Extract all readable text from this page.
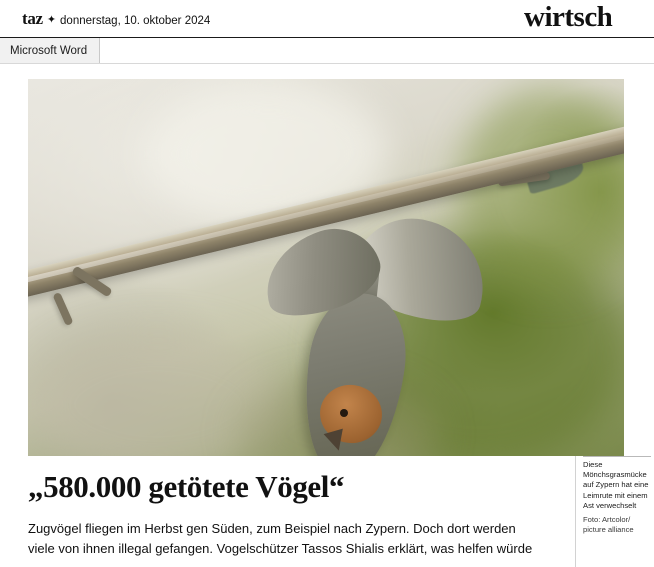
taz ✦ donnerstag, 10. oktober 2024	wirtsch
Microsoft Word
Diese Mönchsgrasmücke auf Zypern hat eine Leimrute mit einem Ast verwechselt
Foto: Artcolor/ picture alliance
„580.000 getötete Vögel“
Zugvögel fliegen im Herbst gen Süden, zum Beispiel nach Zypern. Doch dort werden
viele von ihnen illegal gefangen. Vogelschützer Tassos Shialis erklärt, was helfen würde
